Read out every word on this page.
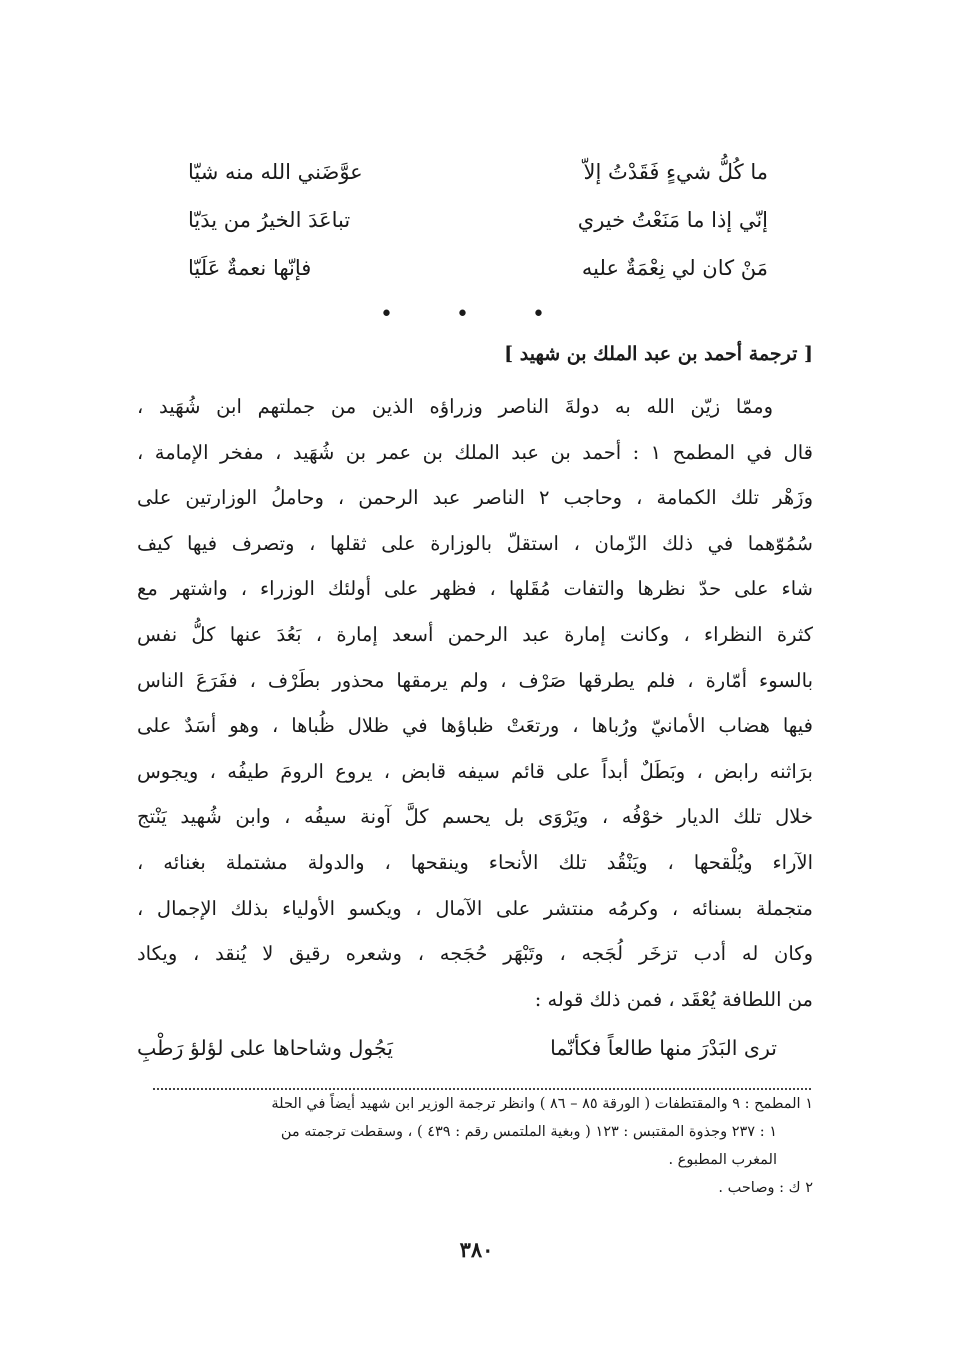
ما كُلُّ شيءٍ فَقَدْتُ إلاّ
عوَّضَني الله منه شيّا
إنّي إذا ما مَنَعْتُ خيري
تباعَدَ الخيرُ من يدَيّا
مَنْ كان لي نِعْمَةٌ عليه
فإنّها نعمةٌ عَلَيّا
• • •
[ ترجمة أحمد بن عبد الملك بن شهيد ]
وممّا زيّن الله به دولةَ الناصر وزراؤه الذين من جملتهم ابن شُهَيد ،
قال في المطمح ١ : أحمد بن عبد الملك بن عمر بن شُهَيد ، مفخر الإمامة ،
وزَهْر تلك الكمامة ، وحاجب ٢ الناصر عبد الرحمن ، وحاملُ الوزارتين على
سُمُوّهما في ذلك الزّمان ، استقلّ بالوزارة على ثقلها ، وتصرف فيها كيف
شاء على حدّ نظرها والتفات مُقَلها ، فظهر على أولئك الوزراء ، واشتهر مع
كثرة النظراء ، وكانت إمارة عبد الرحمن أسعد إمارة ، بَعُدَ عنها كلُّ نفس
بالسوء أمّارة ، فلم يطرقها صَرْف ، ولم يرمقها محذور بطَرْف ، ففَرَعَ الناس
فيها هضاب الأمانيّ ورُباها ، ورتعَتْ ظباؤها في ظلال ظُباها ، وهو أسَدٌ على
برَاثنه رابض ، وبَطَلٌ أبداً على قائم سيفه قابض ، يروع الرومَ طيفُه ، ويجوس
خلال تلك الديار خوْفُه ، ويَرْوَى بل يحسم كلَّ آونة سيفُه ، وابن شُهيد يَنْتج
الآراء ويُلْقحها ، ويَنْقُد تلك الأنحاء وينقحها ، والدولة مشتملة بغنائه ،
متجملة بسنائه ، وكرمُه منتشر على الآمال ، ويكسو الأولياء بذلك الإجمال ،
وكان له أدب تزخَر لُجَجه ، وتَبْهَر حُجَجه ، وشعره رقيق لا يُنقد ، ويكاد
من اللطافة يُعْقَد ، فمن ذلك قوله :
ترى البَدْرَ منها طالعاً فكأنّما
يَجُول وشاحاها على لؤلؤ رَطْبِ
١ المطمح : ٩ والمقتطفات ( الورقة ٨٥ – ٨٦ ) وانظر ترجمة الوزير ابن شهيد أيضاً في الحلة
١ : ٢٣٧ وجذوة المقتبس : ١٢٣ ( وبغية الملتمس رقم : ٤٣٩ ) ، وسقطت ترجمته من
المغرب المطبوع .
٢ ك : وصاحب .
٣٨٠
